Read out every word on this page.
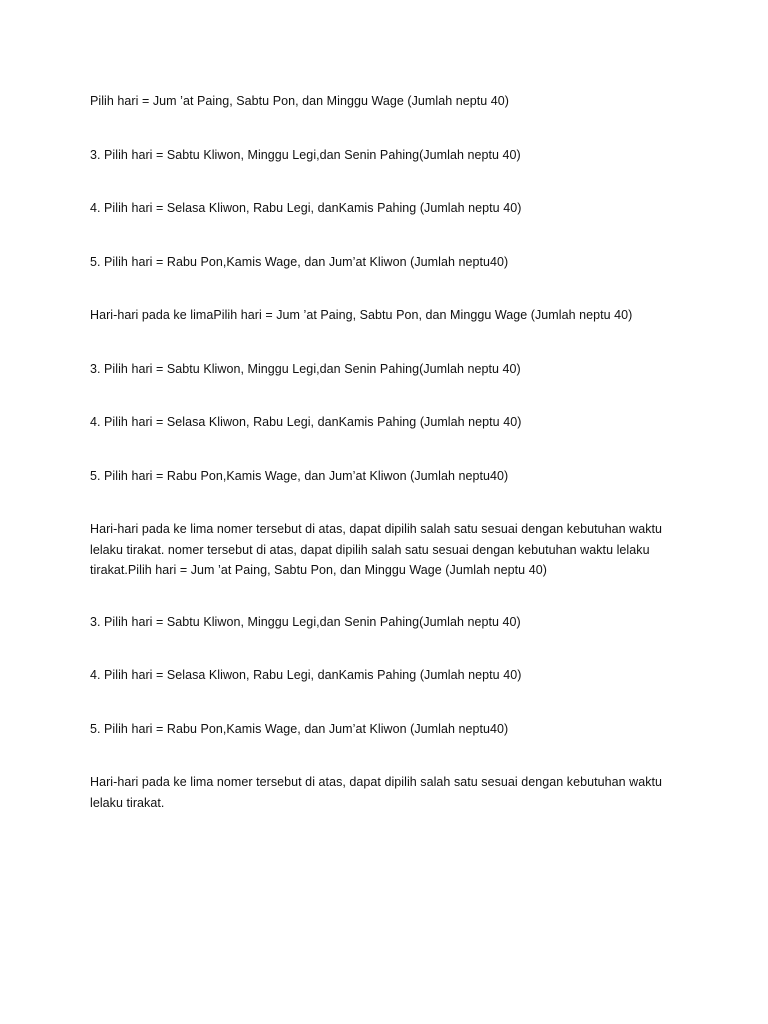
Pilih hari = Jum ’at Paing, Sabtu Pon, dan Minggu Wage (Jumlah neptu 40)

3. Pilih hari = Sabtu Kliwon, Minggu Legi,dan Senin Pahing(Jumlah neptu 40)

4. Pilih hari = Selasa Kliwon, Rabu Legi, danKamis Pahing (Jumlah neptu 40)

5. Pilih hari = Rabu Pon,Kamis Wage, dan Jum’at Kliwon (Jumlah neptu40)

Hari-hari pada ke limaPilih hari = Jum ’at Paing, Sabtu Pon, dan Minggu Wage (Jumlah neptu 40)

3. Pilih hari = Sabtu Kliwon, Minggu Legi,dan Senin Pahing(Jumlah neptu 40)

4. Pilih hari = Selasa Kliwon, Rabu Legi, danKamis Pahing (Jumlah neptu 40)

5. Pilih hari = Rabu Pon,Kamis Wage, dan Jum’at Kliwon (Jumlah neptu40)

Hari-hari pada ke lima nomer tersebut di atas, dapat dipilih salah satu sesuai dengan kebutuhan waktu lelaku tirakat. nomer tersebut di atas, dapat dipilih salah satu sesuai dengan kebutuhan waktu lelaku tirakat.Pilih hari = Jum ’at Paing, Sabtu Pon, dan Minggu Wage (Jumlah neptu 40)

3. Pilih hari = Sabtu Kliwon, Minggu Legi,dan Senin Pahing(Jumlah neptu 40)

4. Pilih hari = Selasa Kliwon, Rabu Legi, danKamis Pahing (Jumlah neptu 40)

5. Pilih hari = Rabu Pon,Kamis Wage, dan Jum’at Kliwon (Jumlah neptu40)

Hari-hari pada ke lima nomer tersebut di atas, dapat dipilih salah satu sesuai dengan kebutuhan waktu lelaku tirakat.
